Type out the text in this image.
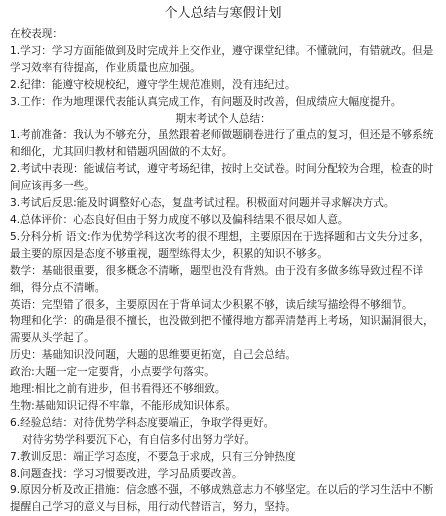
个人总结与寒假计划

在校表现：

1.学习：学习方面能做到及时完成并上交作业，遵守课堂纪律。不懂就问，有错就改。但是学习效率有待提高，作业质量也应加强。

2.纪律：能遵守校规校纪，遵守学生规范准则，没有违纪过。

3.工作：作为地理课代表能认真完成工作，有问题及时改善，但成绩应大幅度提升。

期末考试个人总结：

1.考前准备：我认为不够充分，虽然跟着老师做题刷卷进行了重点的复习，但还是不够系统和细化，尤其回归教材和错题巩固做的不太好。

2.考试中表现：能诚信考试，遵守考场纪律，按时上交试卷。时间分配较为合理，检查的时间应该再多一些。

3.考试后反思:能及时调整好心态，复盘考试过程。积极面对问题并寻求解决方式。

4.总体评价：心态良好但由于努力成度不够以及偏科结果不很尽如人意。

5.分科分析 语文:作为优势学科这次考的很不理想，主要原因在于选择题和古文失分过多，最主要的原因是态度不够重视，题型练得太少，积累的知识不够多。

数学：基础很重要，很多概念不清晰，题型也没有背熟。由于没有多做多练导致过程不详细，得分点不清晰。

英语：完型错了很多，主要原因在于背单词太少积累不够，读后续写描绘得不够细节。

物理和化学：的确是很不擅长，也没做到把不懂得地方都弄清楚再上考场，知识漏洞很大，需要从头学起了。

历史：基础知识没问题，大题的思维要更拓宽，自己会总结。

政治:大题一定一定要背，小点要学句落实。

地理:相比之前有进步，但书看得还不够细致。

生物:基础知识记得不牢靠，不能形成知识体系。

6.经验总结：对待优势学科态度要端正，争取学得更好。

对待劣势学科要沉下心，有自信多付出努力学好。

7.教训反思：端正学习态度，不要急于求成，只有三分钟热度

8.问题查找：学习习惯要改进，学习品质要改善。

9.原因分析及改正措施：信念感不强，不够成熟意志力不够坚定。在以后的学习生活中不断提醒自己学习的意义与目标，用行动代替语言，努力，坚持。
